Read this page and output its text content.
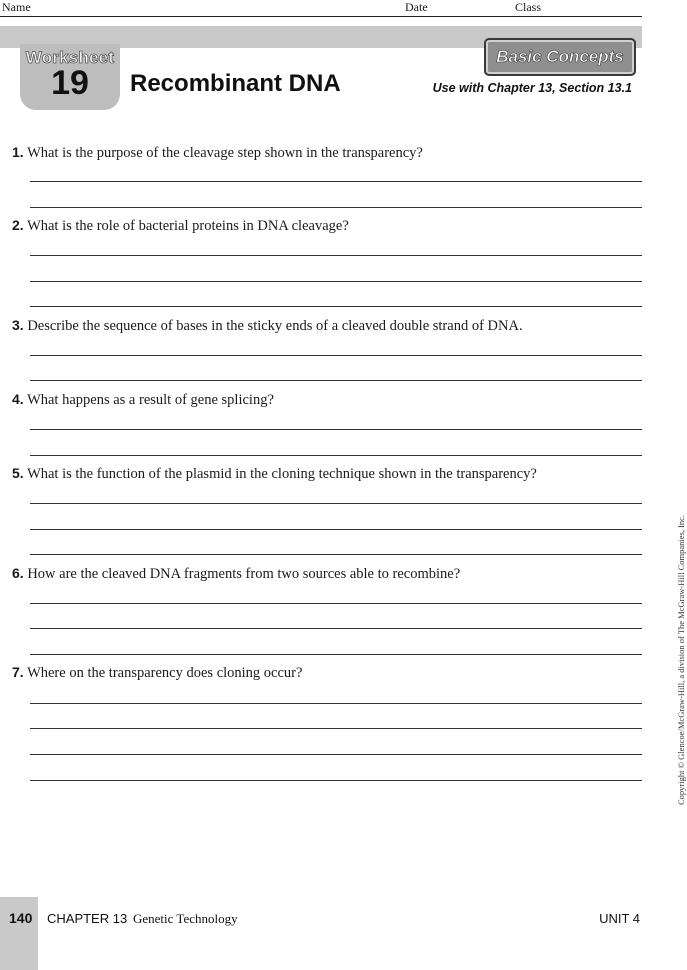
Name	Date	Class
Worksheet
19	Recombinant DNA
Basic Concepts
Use with Chapter 13, Section 13.1
1. What is the purpose of the cleavage step shown in the transparency?
2. What is the role of bacterial proteins in DNA cleavage?
3. Describe the sequence of bases in the sticky ends of a cleaved double strand of DNA.
4. What happens as a result of gene splicing?
5. What is the function of the plasmid in the cloning technique shown in the transparency?
6. How are the cleaved DNA fragments from two sources able to recombine?
7. Where on the transparency does cloning occur?	Copyright © Glencoe/McGraw-Hill, a division of The McGraw-Hill Companies, Inc.
140 CHAPTER 13 Genetic Technology	UNIT 4
